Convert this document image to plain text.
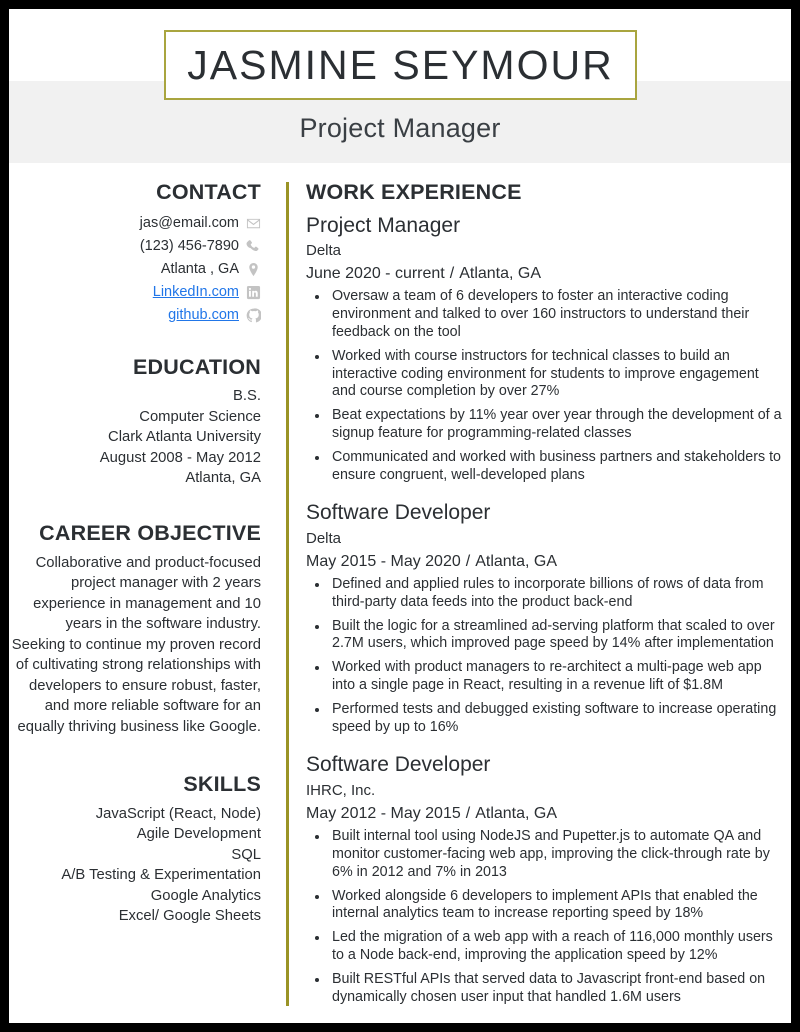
JASMINE SEYMOUR
Project Manager
CONTACT
jas@email.com
(123) 456-7890
Atlanta , GA
LinkedIn.com
github.com
EDUCATION
B.S.
Computer Science
Clark Atlanta University
August 2008 - May 2012
Atlanta, GA
CAREER OBJECTIVE
Collaborative and product-focused project manager with 2 years experience in management and 10 years in the software industry. Seeking to continue my proven record of cultivating strong relationships with developers to ensure robust, faster, and more reliable software for an equally thriving business like Google.
SKILLS
JavaScript (React, Node)
Agile Development
SQL
A/B Testing & Experimentation
Google Analytics
Excel/ Google Sheets
WORK EXPERIENCE
Project Manager
Delta
June 2020 - current / Atlanta, GA
Oversaw a team of 6 developers to foster an interactive coding environment and talked to over 160 instructors to understand their feedback on the tool
Worked with course instructors for technical classes to build an interactive coding environment for students to improve engagement and course completion by over 27%
Beat expectations by 11% year over year through the development of a signup feature for programming-related classes
Communicated and worked with business partners and stakeholders to ensure congruent, well-developed plans
Software Developer
Delta
May 2015 - May 2020 / Atlanta, GA
Defined and applied rules to incorporate billions of rows of data from third-party data feeds into the product back-end
Built the logic for a streamlined ad-serving platform that scaled to over 2.7M users, which improved page speed by 14% after implementation
Worked with product managers to re-architect a multi-page web app into a single page in React, resulting in a revenue lift of $1.8M
Performed tests and debugged existing software to increase operating speed by up to 16%
Software Developer
IHRC, Inc.
May 2012 - May 2015 / Atlanta, GA
Built internal tool using NodeJS and Pupetter.js to automate QA and monitor customer-facing web app, improving the click-through rate by 6% in 2012 and 7% in 2013
Worked alongside 6 developers to implement APIs that enabled the internal analytics team to increase reporting speed by 18%
Led the migration of a web app with a reach of 116,000 monthly users to a Node back-end, improving the application speed by 12%
Built RESTful APIs that served data to Javascript front-end based on dynamically chosen user input that handled 1.6M users
